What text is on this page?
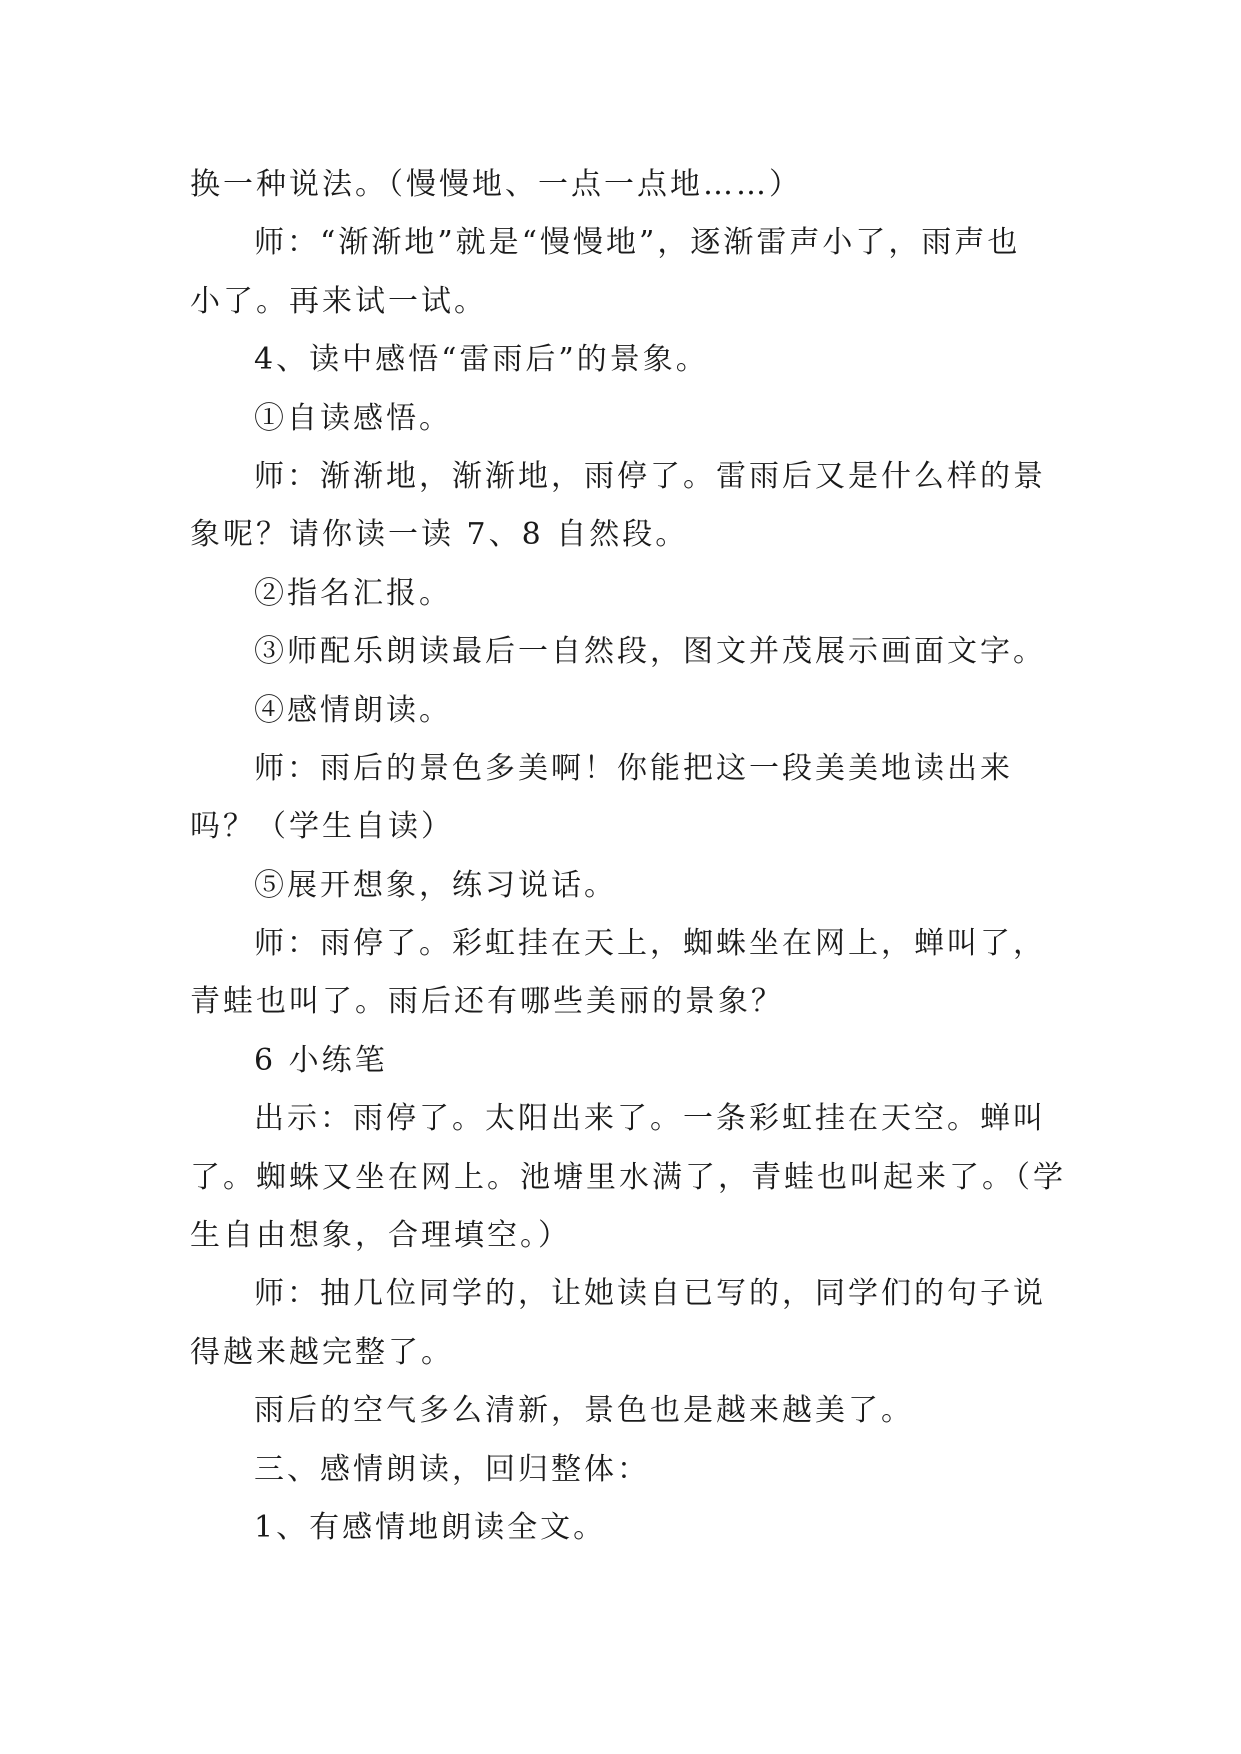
换一种说法。（慢慢地、一点一点地……）
师：“渐渐地”就是“慢慢地”，逐渐雷声小了，雨声也
小了。再来试一试。
4、读中感悟“雷雨后”的景象。
①自读感悟。
师：渐渐地，渐渐地，雨停了。雷雨后又是什么样的景
象呢？请你读一读 7、8 自然段。
②指名汇报。
③师配乐朗读最后一自然段，图文并茂展示画面文字。
④感情朗读。
师：雨后的景色多美啊！你能把这一段美美地读出来
吗？（学生自读）
⑤展开想象，练习说话。
师：雨停了。彩虹挂在天上，蜘蛛坐在网上，蝉叫了，
青蛙也叫了。雨后还有哪些美丽的景象？
6 小练笔
出示：雨停了。太阳出来了。一条彩虹挂在天空。蝉叫
了。蜘蛛又坐在网上。池塘里水满了，青蛙也叫起来了。（学
生自由想象，合理填空。）
师：抽几位同学的，让她读自已写的，同学们的句子说
得越来越完整了。
雨后的空气多么清新，景色也是越来越美了。
三、感情朗读，回归整体：
1、有感情地朗读全文。
